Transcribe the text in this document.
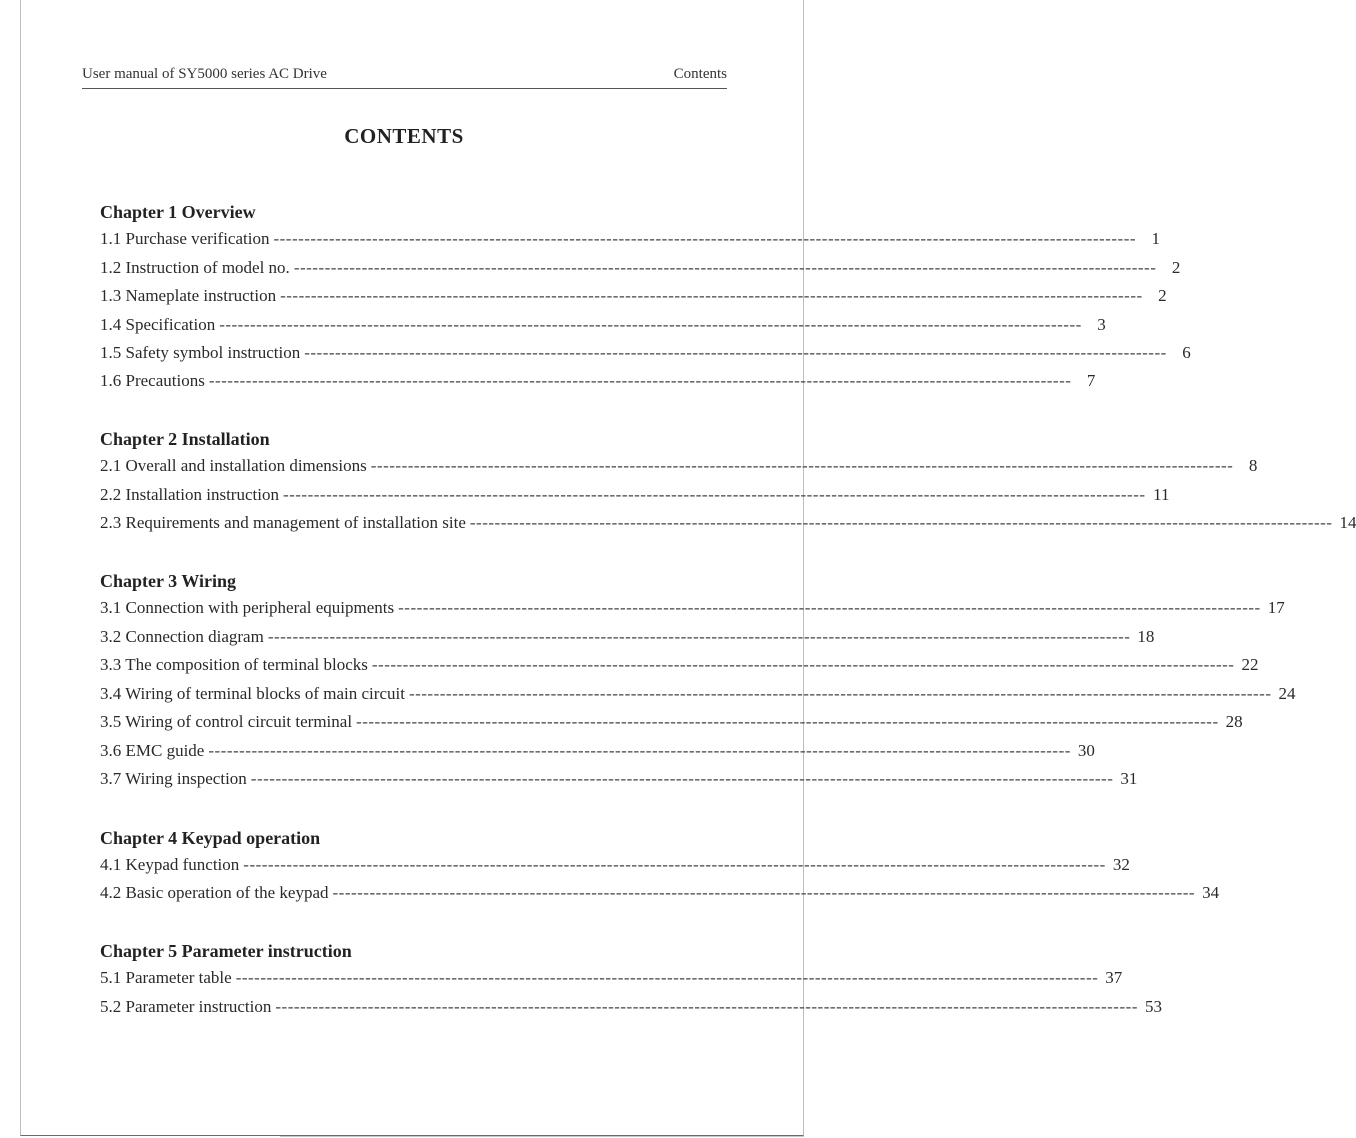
User manual of SY5000 series AC Drive	Contents
CONTENTS
Chapter 1 Overview
1.1 Purchase verification -------------------------------------------------------------------------------------------------------------------------------------------- 1
1.2 Instruction of model no. -------------------------------------------------------------------------------------------------------------------------------------------- 2
1.3 Nameplate instruction -------------------------------------------------------------------------------------------------------------------------------------------- 2
1.4 Specification -------------------------------------------------------------------------------------------------------------------------------------------- 3
1.5 Safety symbol instruction -------------------------------------------------------------------------------------------------------------------------------------------- 6
1.6 Precautions -------------------------------------------------------------------------------------------------------------------------------------------- 7
Chapter 2 Installation
2.1 Overall and installation dimensions -------------------------------------------------------------------------------------------------------------------------------------------- 8
2.2 Installation instruction -------------------------------------------------------------------------------------------------------------------------------------------- 11
2.3 Requirements and management of installation site -------------------------------------------------------------------------------------------------------------------------------------------- 14
Chapter 3 Wiring
3.1 Connection with peripheral equipments -------------------------------------------------------------------------------------------------------------------------------------------- 17
3.2 Connection diagram -------------------------------------------------------------------------------------------------------------------------------------------- 18
3.3 The composition of terminal blocks -------------------------------------------------------------------------------------------------------------------------------------------- 22
3.4 Wiring of terminal blocks of main circuit -------------------------------------------------------------------------------------------------------------------------------------------- 24
3.5 Wiring of control circuit terminal -------------------------------------------------------------------------------------------------------------------------------------------- 28
3.6 EMC guide -------------------------------------------------------------------------------------------------------------------------------------------- 30
3.7 Wiring inspection -------------------------------------------------------------------------------------------------------------------------------------------- 31
Chapter 4 Keypad operation
4.1 Keypad function -------------------------------------------------------------------------------------------------------------------------------------------- 32
4.2 Basic operation of the keypad -------------------------------------------------------------------------------------------------------------------------------------------- 34
Chapter 5 Parameter instruction
5.1 Parameter table -------------------------------------------------------------------------------------------------------------------------------------------- 37
5.2 Parameter instruction -------------------------------------------------------------------------------------------------------------------------------------------- 53
